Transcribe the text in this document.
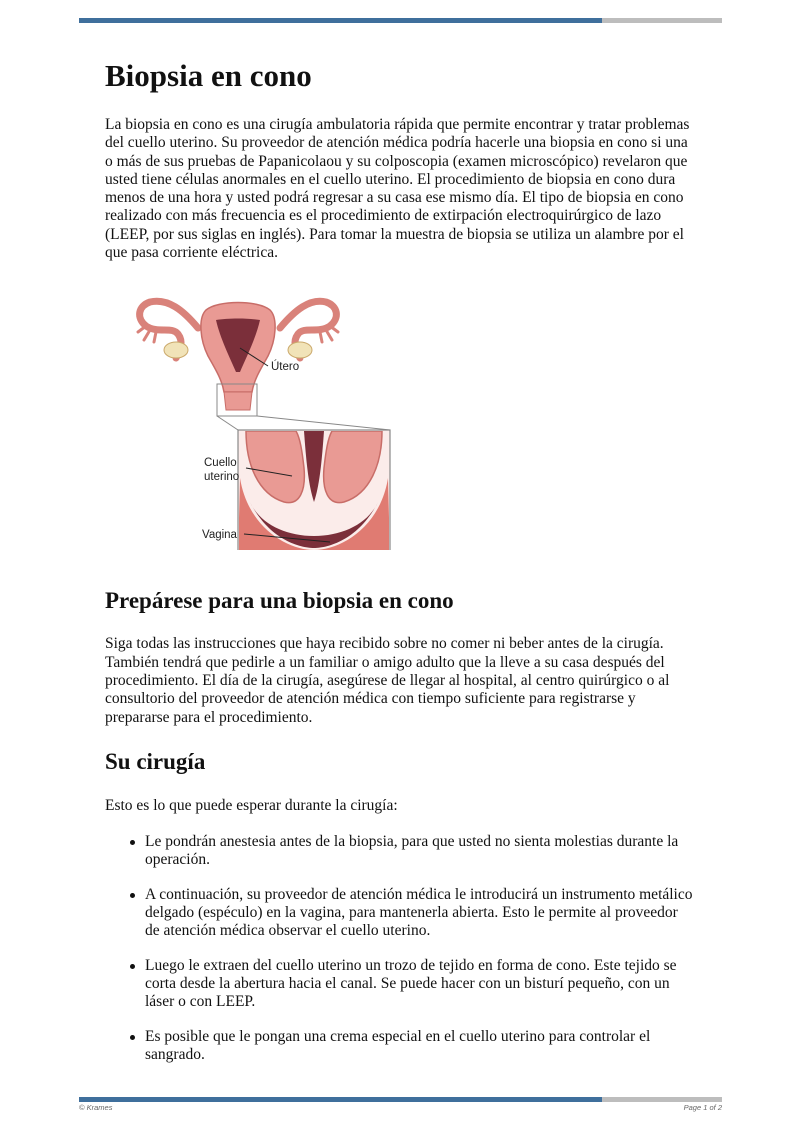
Biopsia en cono

La biopsia en cono es una cirugía ambulatoria rápida que permite encontrar y tratar problemas del cuello uterino. Su proveedor de atención médica podría hacerle una biopsia en cono si una o más de sus pruebas de Papanicolaou y su colposcopia (examen microscópico) revelaron que usted tiene células anormales en el cuello uterino. El procedimiento de biopsia en cono dura menos de una hora y usted podrá regresar a su casa ese mismo día. El tipo de biopsia en cono realizado con más frecuencia es el procedimiento de extirpación electroquirúrgico de lazo (LEEP, por sus siglas en inglés). Para tomar la muestra de biopsia se utiliza un alambre por el que pasa corriente eléctrica.

Útero
Cuello
uterino
Vagina
Prepárese para una biopsia en cono

Siga todas las instrucciones que haya recibido sobre no comer ni beber antes de la cirugía. También tendrá que pedirle a un familiar o amigo adulto que la lleve a su casa después del procedimiento. El día de la cirugía, asegúrese de llegar al hospital, al centro quirúrgico o al consultorio del proveedor de atención médica con tiempo suficiente para registrarse y prepararse para el procedimiento.

Su cirugía

Esto es lo que puede esperar durante la cirugía:

Le pondrán anestesia antes de la biopsia, para que usted no sienta molestias durante la operación.
A continuación, su proveedor de atención médica le introducirá un instrumento metálico delgado (espéculo) en la vagina, para mantenerla abierta. Esto le permite al proveedor de atención médica observar el cuello uterino.
Luego le extraen del cuello uterino un trozo de tejido en forma de cono. Este tejido se corta desde la abertura hacia el canal. Se puede hacer con un bisturí pequeño, con un láser o con LEEP.
Es posible que le pongan una crema especial en el cuello uterino para controlar el sangrado.
© Krames	Page 1 of 2
